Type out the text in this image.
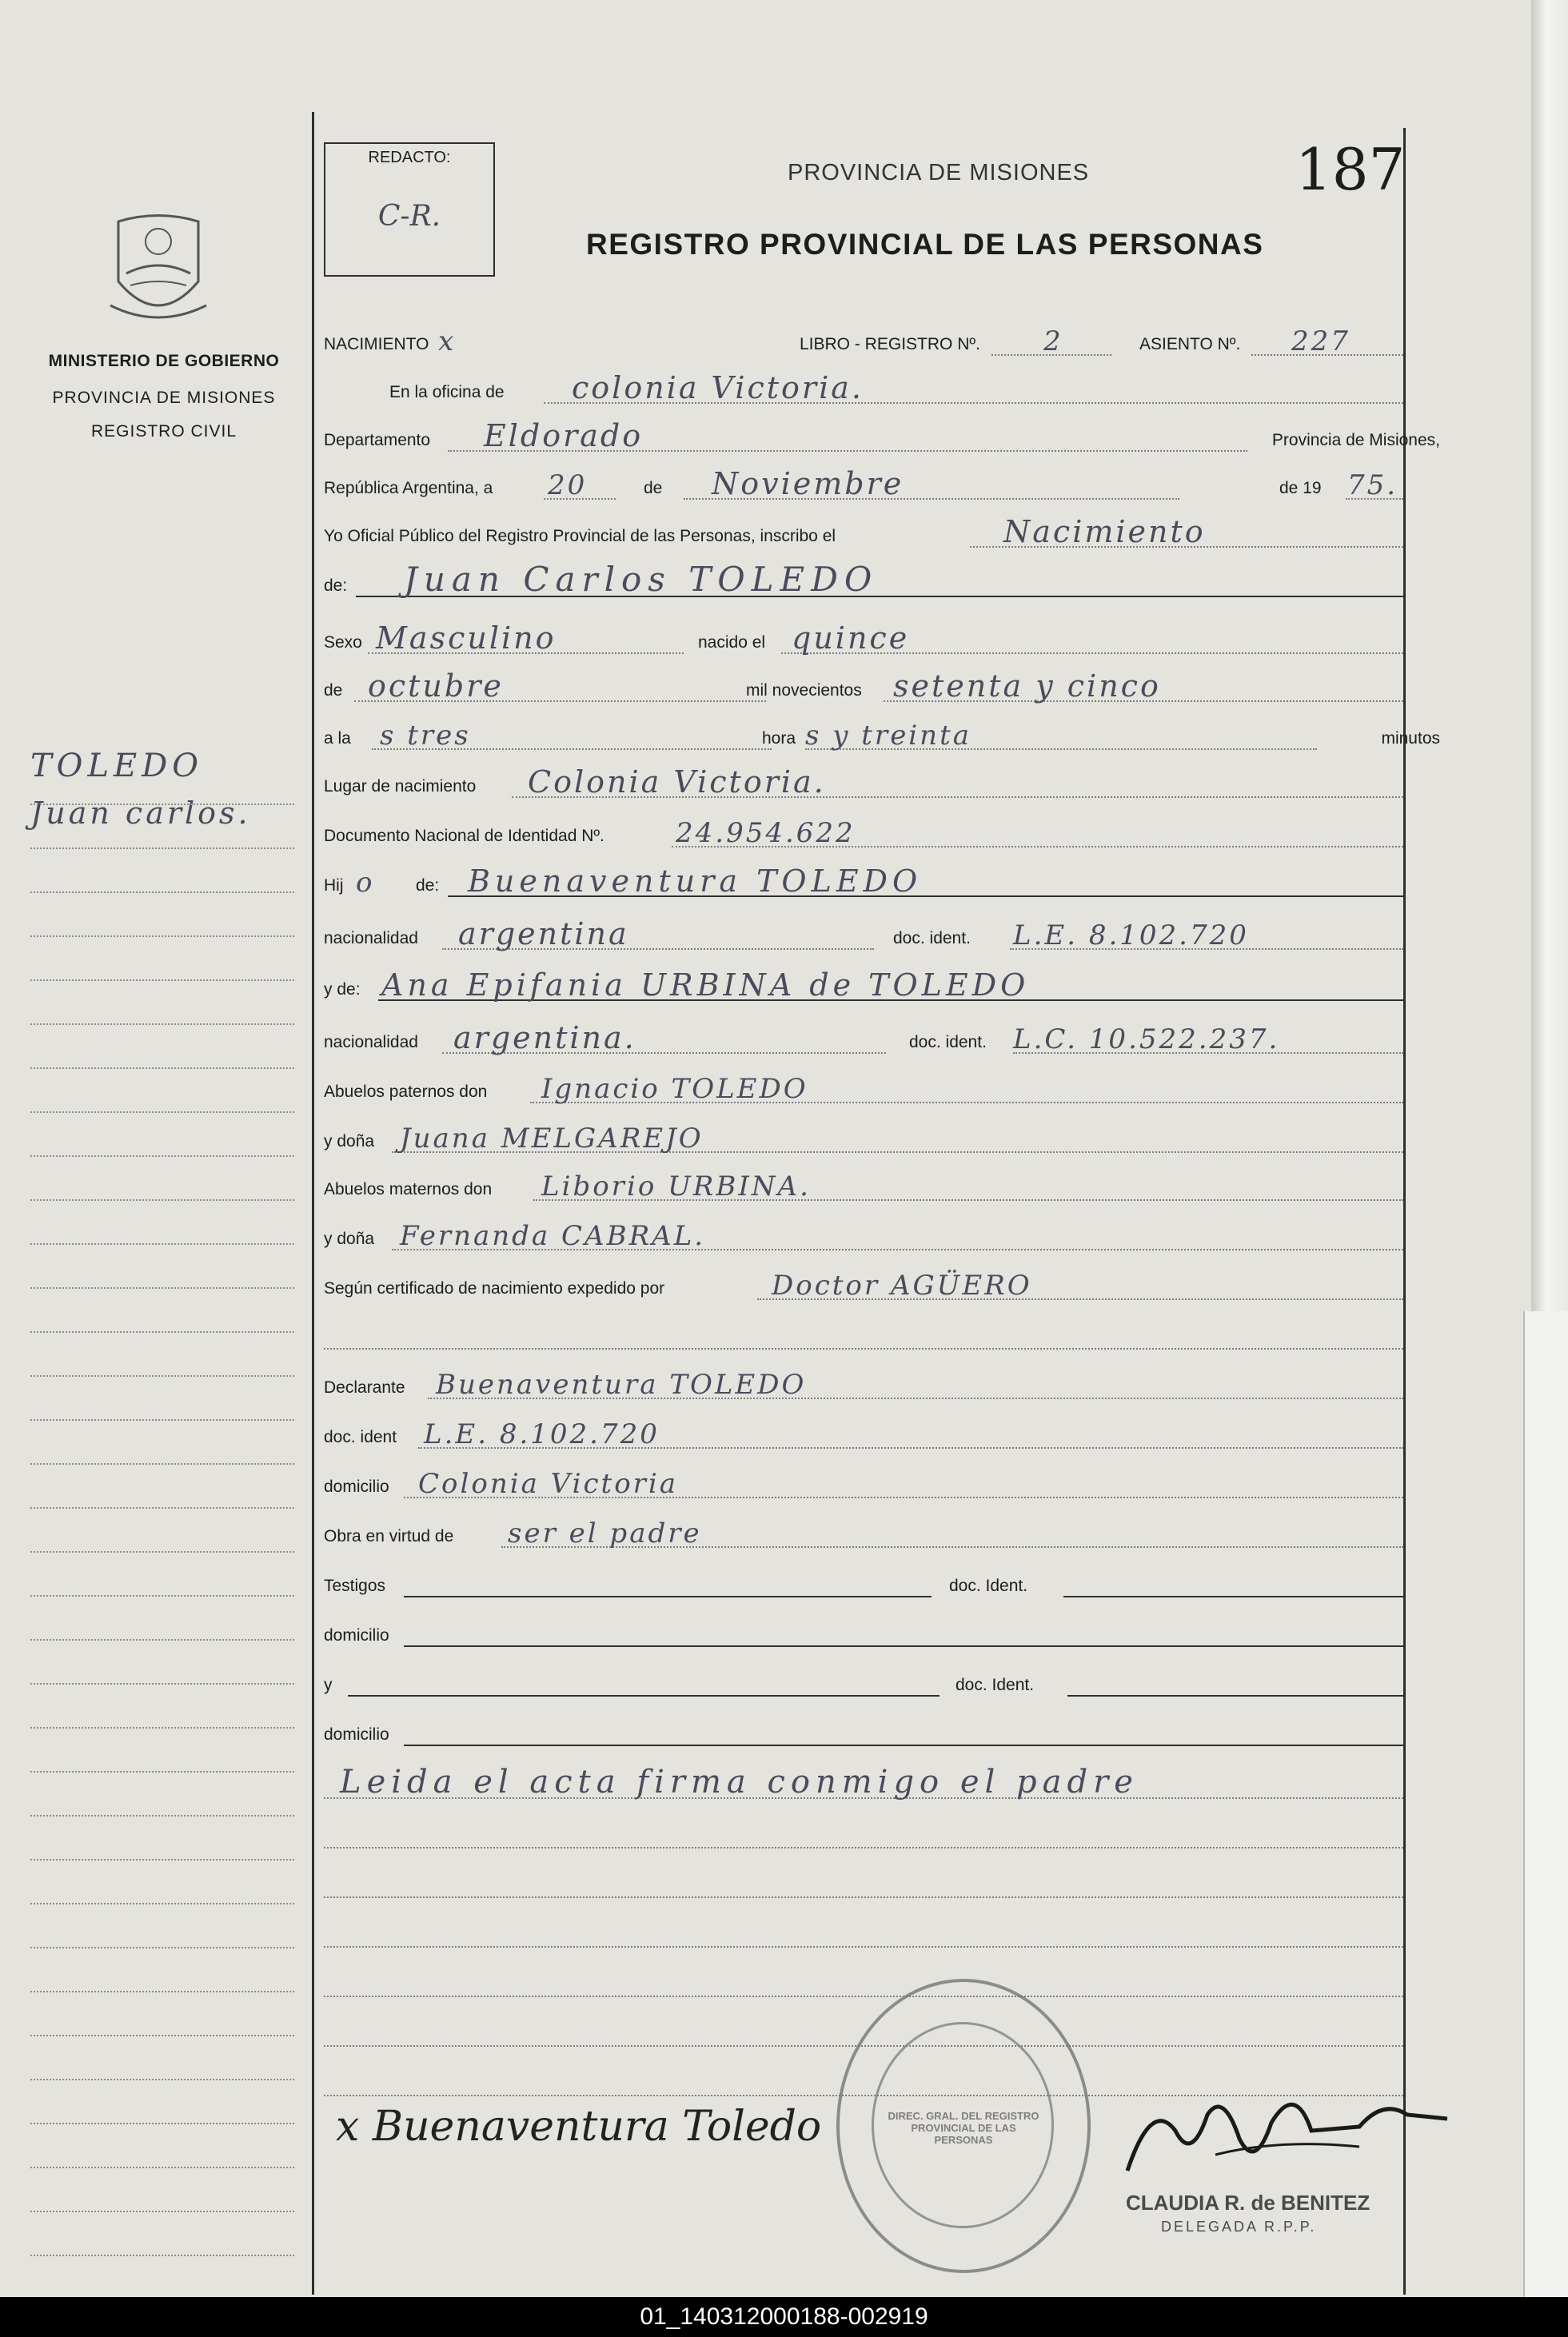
MINISTERIO DE GOBIERNO
PROVINCIA DE MISIONES
REGISTRO CIVIL
TOLEDO
Juan carlos.
REDACTO:
C-R.
PROVINCIA DE MISIONES
REGISTRO PROVINCIAL DE LAS PERSONAS
187
NACIMIENTO x	LIBRO - REGISTRO Nº. 2	ASIENTO Nº. 227
En la oficina de colonia Victoria.
Departamento Eldorado	Provincia de Misiones,
República Argentina, a 20	de Noviembre	de 19 75.
Yo Oficial Público del Registro Provincial de las Personas, inscribo el	Nacimiento
de: Juan Carlos TOLEDO
Sexo Masculino	nacido el quince
de octubre	mil novecientos setenta y cinco
a la s tres	hora s y treinta	minutos
Lugar de nacimiento Colonia Victoria.
Documento Nacional de Identidad Nº.	24.954.622
Hij o de: Buenaventura TOLEDO
nacionalidad argentina	doc. ident. L.E. 8.102.720
y de: Ana Epifania URBINA de TOLEDO
nacionalidad argentina.	doc. ident. L.C. 10.522.237.
Abuelos paternos don Ignacio TOLEDO
y doña Juana MELGAREJO
Abuelos maternos don Liborio URBINA.
y doña Fernanda CABRAL.
Según certificado de nacimiento expedido por	Doctor AGÜERO
Declarante Buenaventura TOLEDO
doc. ident L.E. 8.102.720
domicilio Colonia Victoria
Obra en virtud de ser el padre
Testigos	doc. Ident.
domicilio
y	doc. Ident.
domicilio
Leida el acta firma conmigo el padre
DIREC. GRAL. DEL REGISTRO PROVINCIAL DE LAS PERSONAS
x Buenaventura Toledo
CLAUDIA R. de BENITEZ
DELEGADA R.P.P.
01_140312000188-002919
